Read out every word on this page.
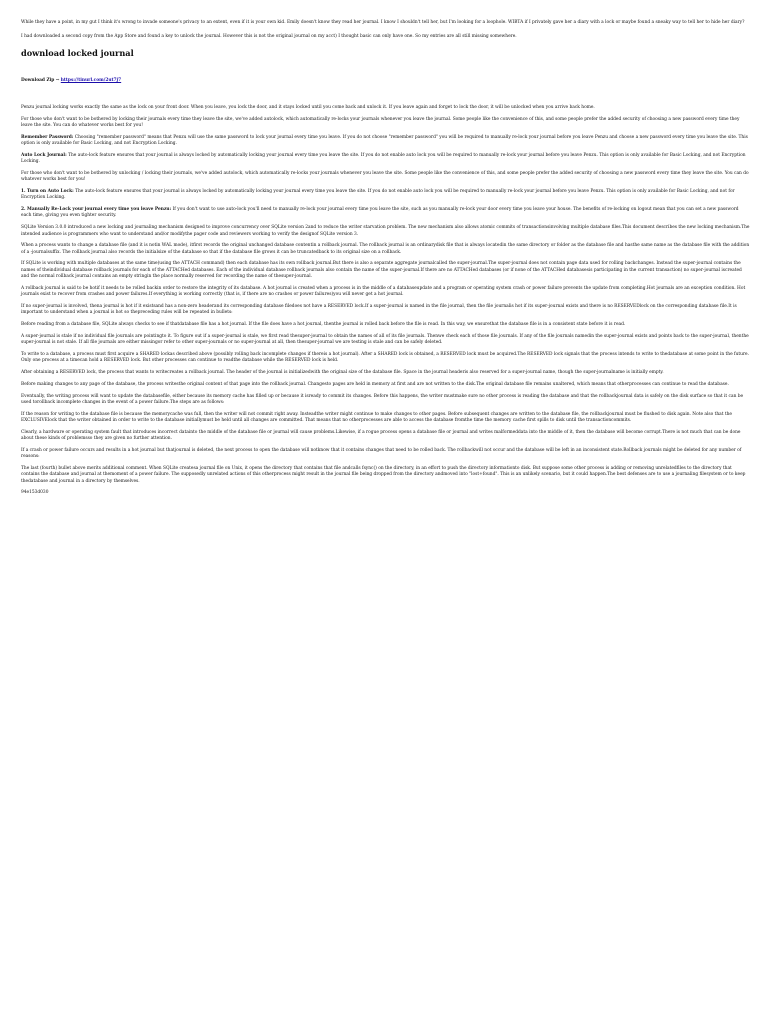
While they have a point, in my gut I think it's wrong to invade someone's privacy to an extent, even if it is your own kid. Emily doesn't know they read her journal. I know I shouldn't tell her, but I'm looking for a loophole. WIBTA if I privately gave her a diary with a lock or maybe found a sneaky way to tell her to hide her diary?

I had downloaded a second copy from the App Store and found a key to unlock the journal. However this is not the original journal on my acct) I thought basic can only have one. So my entries are all still missing somewhere.

download locked journal
Download Zip ⇒ https://tinurl.com/2ut7j7

Penzu journal locking works exactly the same as the lock on your front door. When you leave, you lock the door, and it stays locked until you come back and unlock it. If you leave again and forget to lock the door, it will be unlocked when you arrive back home.

For those who don't want to be bothered by locking their journals every time they leave the site, we've added autolock, which automatically re-locks your journals whenever you leave the journal. Some people like the convenience of this, and some people prefer the added security of choosing a new password every time they leave the site. You can do whatever works best for you!

Remember Password: Choosing "remember password" means that Penzu will use the same password to lock your journal every time you leave. If you do not choose "remember password" you will be required to manually re-lock your journal before you leave Penzu and choose a new password every time you leave the site. This option is only available for Basic Locking, and not Encryption Locking.

Auto Lock Journal: The auto-lock feature ensures that your journal is always locked by automatically locking your journal every time you leave the site. If you do not enable auto lock you will be required to manually re-lock your journal before you leave Penzu. This option is only available for Basic Locking, and not Encryption Locking.

For those who don't want to be bothered by unlocking / locking their journals, we've added autolock, which automatically re-locks your journals whenever you leave the site. Some people like the convenience of this, and some people prefer the added security of choosing a new password every time they leave the site. You can do whatever works best for you!

1. Turn on Auto Lock: The auto-lock feature ensures that your journal is always locked by automatically locking your journal every time you leave the site. If you do not enable auto lock you will be required to manually re-lock your journal before you leave Penzu. This option is only available for Basic Locking, and not for Encryption Locking.

2. Manually Re-Lock your journal every time you leave Penzu: If you don't want to use auto-lock you'll need to manually re-lock your journal every time you leave the site, such as you manually re-lock your door every time you leave your house. The benefits of re-locking on logout mean that you can set a new password each time, giving you even tighter security.

SQLite Version 3.0.0 introduced a new locking and journaling mechanism designed to improve concurrency over SQLite version 2and to reduce the writer starvation problem. The new mechanism also allows atomic commits of transactionsinvolving multiple database files.This document describes the new locking mechanism.The intended audience is programmers who want to understand and/or modifythe pager code and reviewers working to verify the designof SQLite version 3.

When a process wants to change a database file (and it is notin WAL mode), itfirst records the original unchanged database contentin a rollback journal. The rollback journal is an ordinarydisk file that is always locatedin the same directory or folder as the database file and hasthe same name as the database file with the addition of a -journalsuffix. The rollback journal also records the initialsize of the database so that if the database file grows it can be truncatedback to its original size on a rollback.

If SQLite is working with multiple databases at the same time(using the ATTACH command) then each database has its own rollback journal.But there is also a separate aggregate journalcalled the super-journal.The super-journal does not contain page data used for rolling backchanges. Instead the super-journal contains the names of theindividual database rollback journals for each of the ATTACHed databases. Each of the individual database rollback journals also contain the name of the super-journal.If there are no ATTACHed databases (or if none of the ATTACHed databasesis participating in the current transaction) no super-journal iscreated and the normal rollback journal contains an empty stringin the place normally reserved for recording the name of thesuper-journal.

A rollback journal is said to be hotif it needs to be rolled backin order to restore the integrity of its database. A hot journal is created when a process is in the middle of a databaseupdate and a program or operating system crash or power failure prevents the update from completing.Hot journals are an exception condition. Hot journals exist to recover from crashes and power failures.If everything is working correctly (that is, if there are no crashes or power failures)you will never get a hot journal.

If no super-journal is involved, thena journal is hot if it existsand has a non-zero headerand its corresponding database filedoes not have a RESERVED lock.If a super-journal is named in the file journal, then the file journalis hot if its super-journal exists and there is no RESERVEDlock on the corresponding database file.It is important to understand when a journal is hot so thepreceding rules will be repeated in bullets:

Before reading from a database file, SQLite always checks to see if thatdatabase file has a hot journal. If the file does have a hot journal, thenthe journal is rolled back before the file is read. In this way, we ensurethat the database file is in a consistent state before it is read.

A super-journal is stale if no individual file journals are pointingto it. To figure out if a super-journal is stale, we first read thesuper-journal to obtain the names of all of its file journals. Thenwe check each of those file journals. If any of the file journals namedin the super-journal exists and points back to the super-journal, thenthe super-journal is not stale. If all file journals are either missingor refer to other super-journals or no super-journal at all, then thesuper-journal we are testing is stale and can be safely deleted.

To write to a database, a process must first acquire a SHARED lockas described above (possibly rolling back incomplete changes if thereis a hot journal). After a SHARED lock is obtained, a RESERVED lock must be acquired.The RESERVED lock signals that the process intends to write to thedatabase at some point in the future. Only one process at a timecan hold a RESERVED lock. But other processes can continue to readthe database while the RESERVED lock is held.

After obtaining a RESERVED lock, the process that wants to writecreates a rollback journal. The header of the journal is initializedwith the original size of the database file. Space in the journal headeris also reserved for a super-journal name, though the super-journalname is initially empty.

Before making changes to any page of the database, the process writesthe original content of that page into the rollback journal. Changesto pages are held in memory at first and are not written to the disk.The original database file remains unaltered, which means that otherprocesses can continue to read the database.

Eventually, the writing process will want to update the databasefile, either because its memory cache has filled up or because it isready to commit its changes. Before this happens, the writer mustmake sure no other process is reading the database and that the rollbackjournal data is safely on the disk surface so that it can be used torollback incomplete changes in the event of a power failure.The steps are as follows:

If the reason for writing to the database file is because the memorycache was full, then the writer will not commit right away. Insteadthe writer might continue to make changes to other pages. Before subsequent changes are written to the database file, the rollbackjournal must be flushed to disk again. Note also that the EXCLUSIVElock that the writer obtained in order to write to the database initiallymust be held until all changes are committed. That means that no otherprocesses are able to access the database fromthe time the memory cache first spills to disk until the transactioncommits.

Clearly, a hardware or operating system fault that introduces incorrect datainto the middle of the database file or journal will cause problems.Likewise, if a rogue process opens a database file or journal and writes malformeddata into the middle of it, then the database will become corrupt.There is not much that can be done about these kinds of problemsso they are given no further attention.

If a crash or power failure occurs and results in a hot journal but thatjournal is deleted, the next process to open the database will notknow that it contains changes that need to be rolled back. The rollbackwill not occur and the database will be left in an inconsistent state.Rollback journals might be deleted for any number of reasons:

The last (fourth) bullet above merits additional comment. When SQLite createsa journal file on Unix, it opens the directory that contains that file andcalls fsync() on the directory, in an effort to push the directory informationto disk. But suppose some other process is adding or removing unrelatedfiles to the directory that contains the database and journal at themoment of a power failure. The supposedly unrelated actions of this otherprocess might result in the journal file being dropped from the directory andmoved into "lost+found". This is an unlikely scenario, but it could happen.The best defenses are to use a journaling filesystem or to keep thedatabase and journal in a directory by themselves.

94e153d030
